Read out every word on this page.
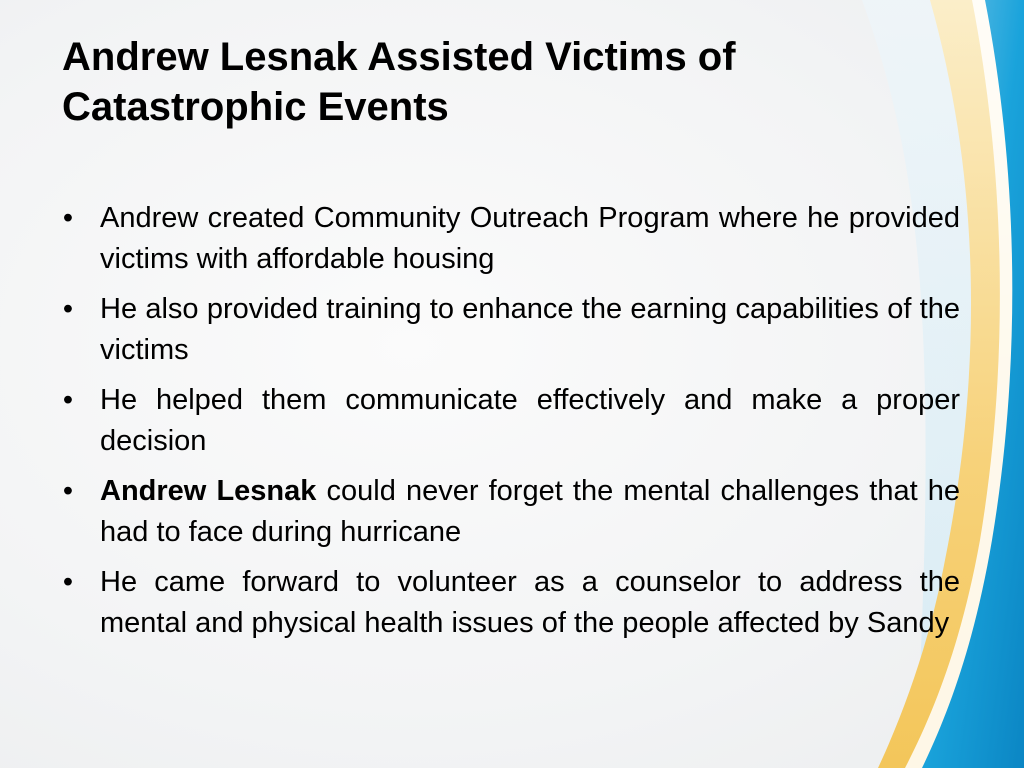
Andrew Lesnak Assisted Victims of Catastrophic Events
• Andrew created Community Outreach Program where he provided victims with affordable housing
• He also provided training to enhance the earning capabilities of the victims
• He helped them communicate effectively and make a proper decision
• Andrew Lesnak could never forget the mental challenges that he had to face during hurricane
• He came forward to volunteer as a counselor to address the mental and physical health issues of the people affected by Sandy
